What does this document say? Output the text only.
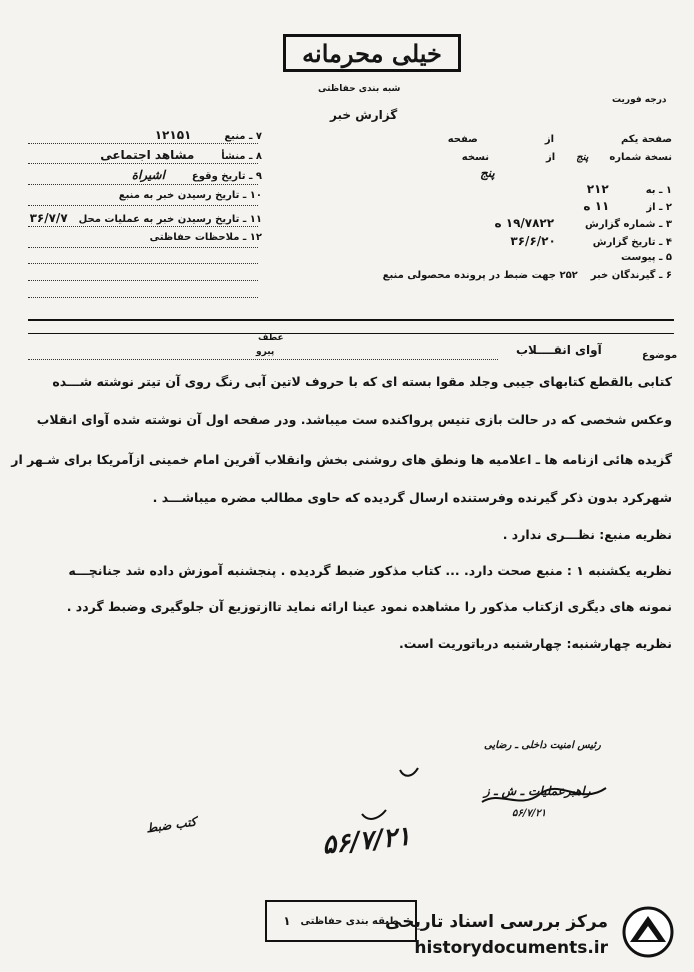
خیلی محرمانه
شبه بندی حفاظتی
گزارش خبر
درجه فوریت
صفحة یکم  از  صفحه
نسخة شماره  پنج  از  نسخه
پنج
۱ ـ به  ۲۱۲
۲ ـ از  ۱۱ ه
۳ ـ شماره گزارش  ۱۹/۷۸۲۲ ه
۴ ـ تاریخ گزارش  ۳۶/۶/۲۰
۵ ـ پیوست
۶ ـ گیرندگان خبر  ۲۵۲ جهت ضبط در پرونده محصولی منبع
۷ ـ منبع  ۱۲۱۵۱
۸ ـ منشأ  مشاهد اجتماعی
۹ ـ تاریخ وقوع  اشیراة
۱۰ ـ تاریخ رسیدن خبر به منبع
۱۱ ـ تاریخ رسیدن خبر به عملیات محل  ۳۶/۷/۷
۱۲ ـ ملاحظات حفاظتی
موضوع
آوای انقــــلاب
عطف
پیرو
کتابی بالقطع کتابهای جیبی وجلد مقوا بسته ای که با حروف لاتین آبی رنگ روی آن تیتر نوشته شـــده
وعکس شخصی که در حالت بازی تنیس پرواکنده ست میباشد. ودر صفحه اول آن نوشته شده آوای انقلاب
گزیده هائی ازنامه ها ـ اعلامیه ها ونطق های روشنی بخش وانقلاب آفرین امام خمینی ازآمریکا برای شـهر ار
شهرکرد بدون ذکر گیرنده وفرستنده ارسال گردیده که حاوی مطالب مضره میباشـــد .
نظریه منبع: نظـــری ندارد .
نظریه یکشنبه ۱ : منبع صحت دارد. ... کتاب مذکور ضبط گردیده . پنجشنبه آموزش داده شد جنانچـــه
نمونه های دیگری ازکتاب مذکور را مشاهده نمود عینا ارائه نماید تاازتوزیع آن جلوگیری وضبط گردد .
نظریه چهارشنبه: چهارشنبه درباتوریت است.
رئیس امنیت داخلی ـ رضایی
راهبرعملیات ـ ش ـ ز
۵۶/۷/۲۱
کتب ضبط	۵۶/۷/۲۱
طبقه بندی حفاظتی
۱	مرکز بررسی اسناد تاریخی
historydocuments.ir
